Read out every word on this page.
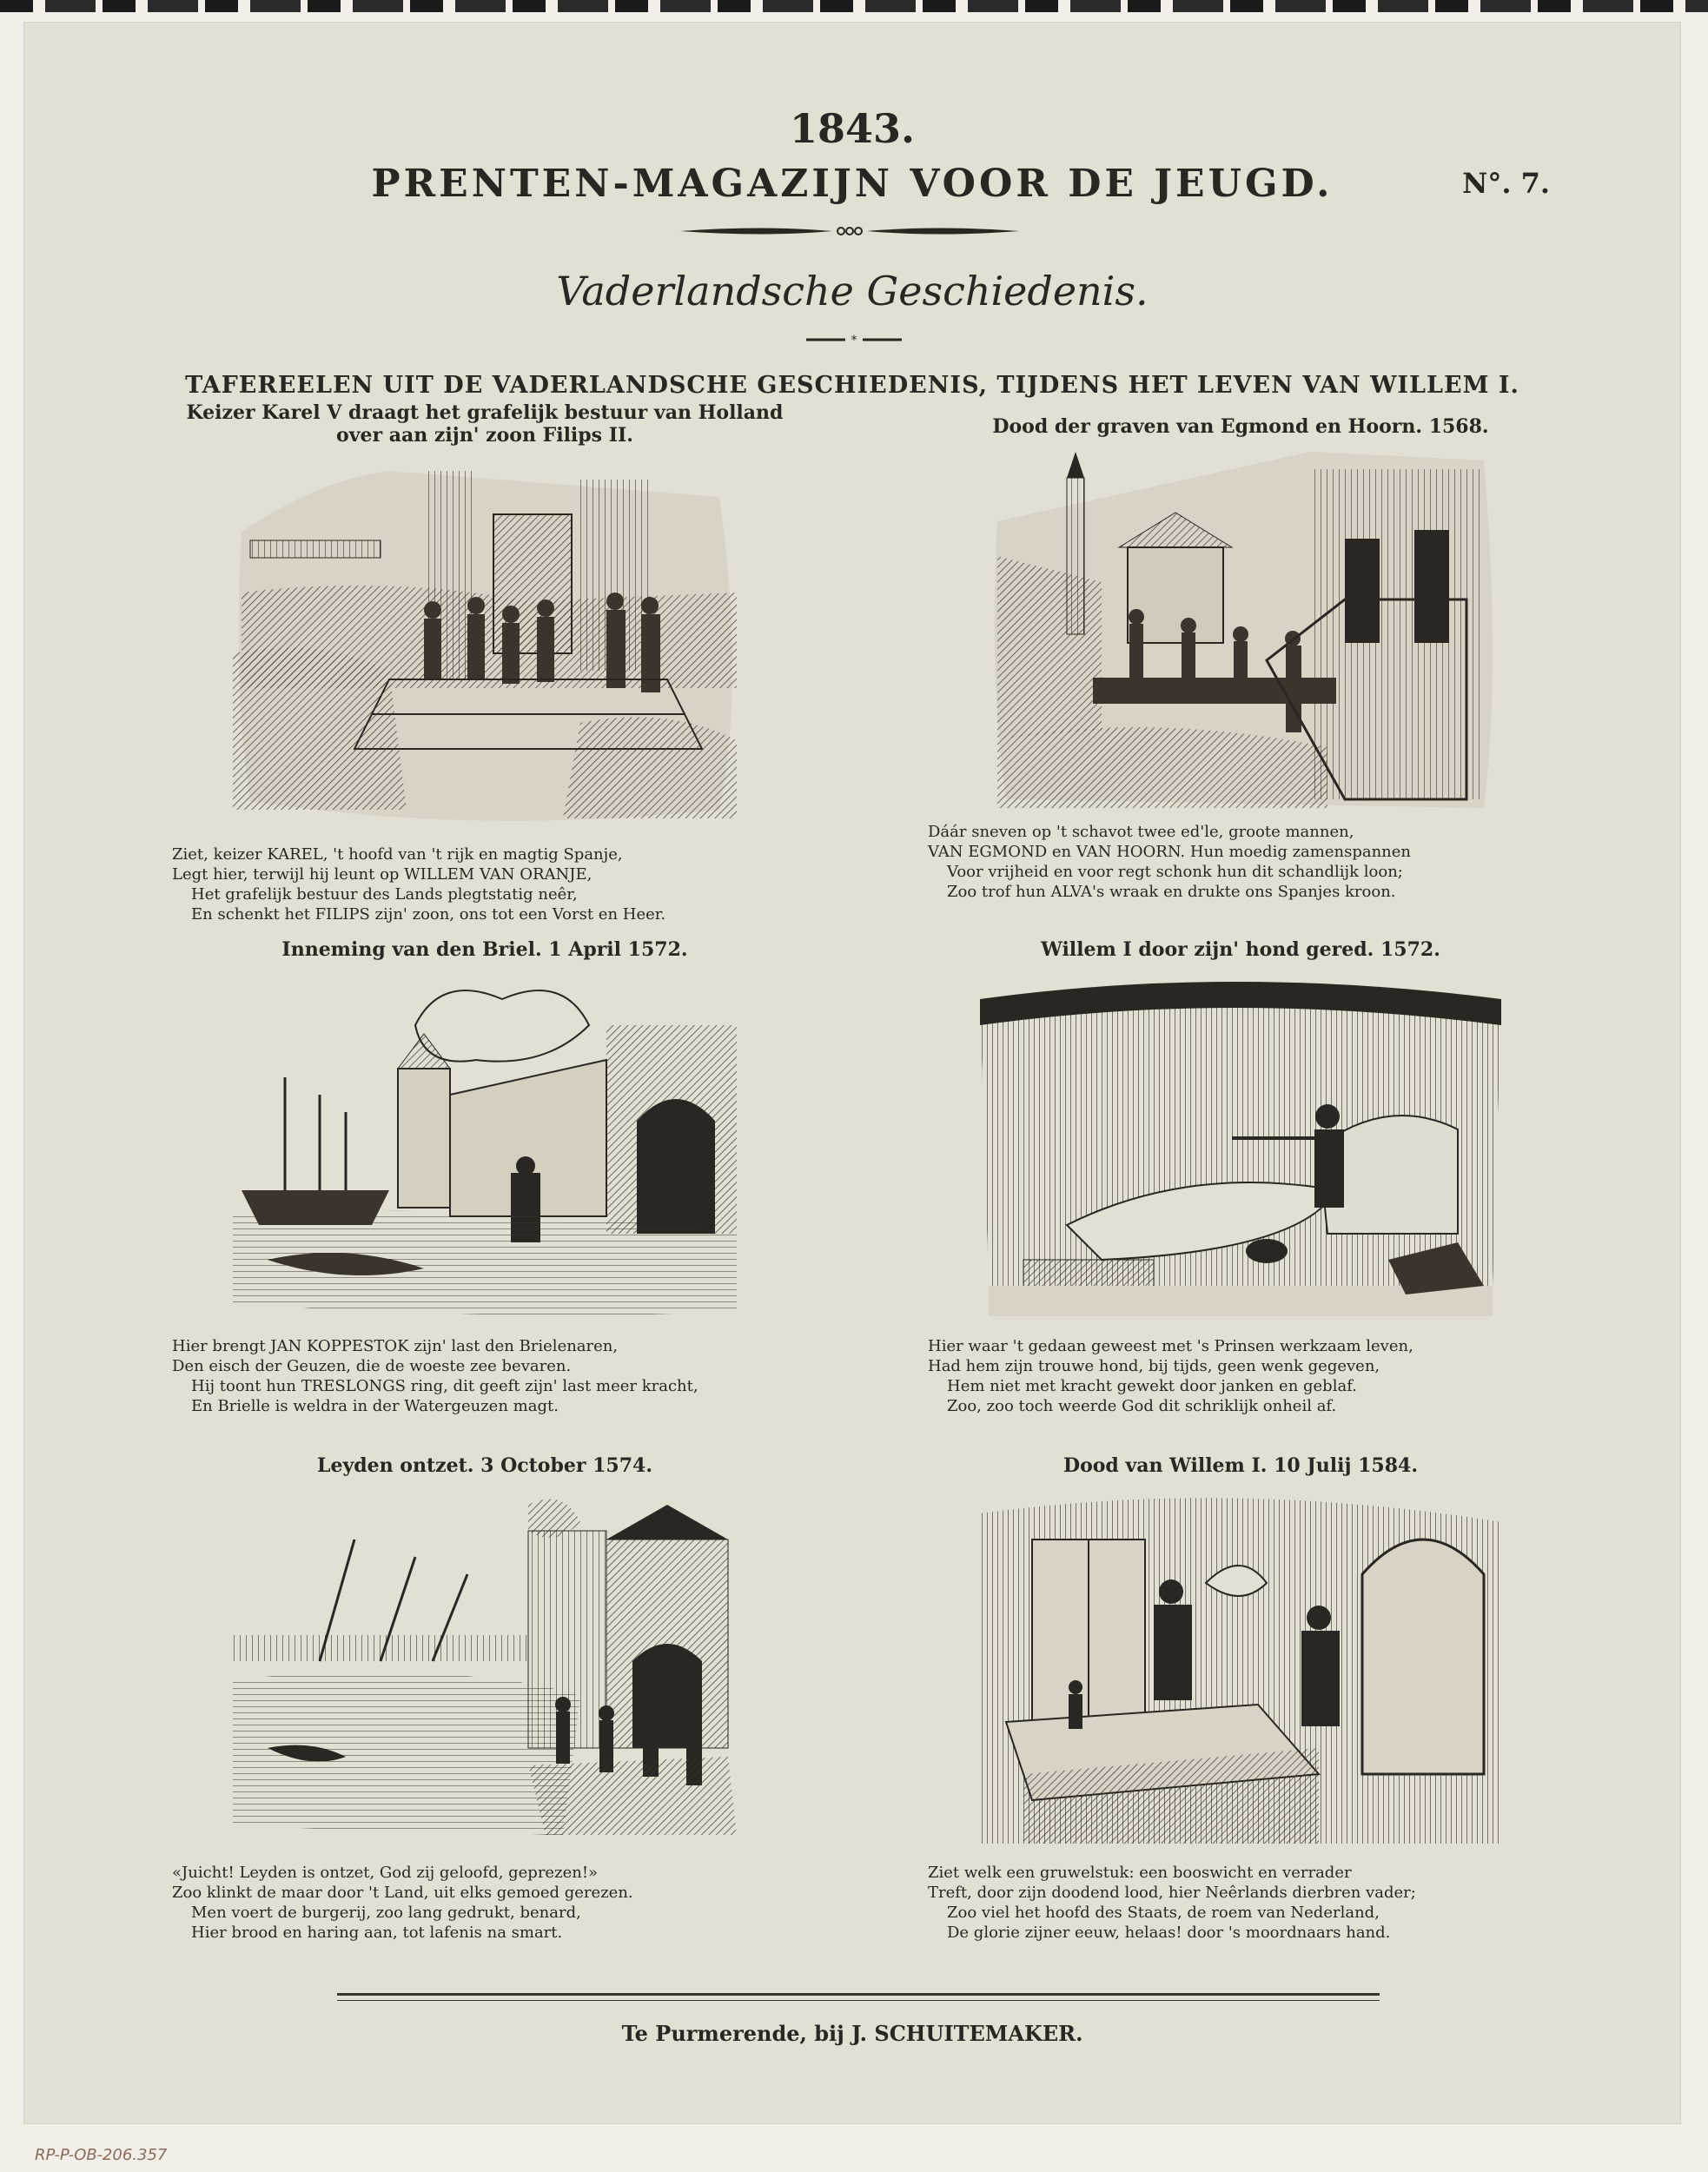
1843.
PRENTEN-MAGAZIJN VOOR DE JEUGD.	N°. 7.
Vaderlandsche Geschiedenis.
*
TAFEREELEN UIT DE VADERLANDSCHE GESCHIEDENIS, TIJDENS HET LEVEN VAN WILLEM I.
Keizer Karel V draagt het grafelijk bestuur van Holland
over aan zijn' zoon Filips II.
Ziet, keizer KAREL, 't hoofd van 't rijk en magtig Spanje,
Legt hier, terwijl hij leunt op WILLEM VAN ORANJE,
Het grafelijk bestuur des Lands plegtstatig neêr,
En schenkt het FILIPS zijn' zoon, ons tot een Vorst en Heer.
Dood der graven van Egmond en Hoorn. 1568.
Dáár sneven op 't schavot twee ed'le, groote mannen,
VAN EGMOND en VAN HOORN. Hun moedig zamenspannen
Voor vrijheid en voor regt schonk hun dit schandlijk loon;
Zoo trof hun ALVA's wraak en drukte ons Spanjes kroon.
Inneming van den Briel. 1 April 1572.
Hier brengt JAN KOPPESTOK zijn' last den Brielenaren,
Den eisch der Geuzen, die de woeste zee bevaren.
Hij toont hun TRESLONGS ring, dit geeft zijn' last meer kracht,
En Brielle is weldra in der Watergeuzen magt.
Willem I door zijn' hond gered. 1572.
Hier waar 't gedaan geweest met 's Prinsen werkzaam leven,
Had hem zijn trouwe hond, bij tijds, geen wenk gegeven,
Hem niet met kracht gewekt door janken en geblaf.
Zoo, zoo toch weerde God dit schriklijk onheil af.
Leyden ontzet. 3 October 1574.
«Juicht! Leyden is ontzet, God zij geloofd, geprezen!»
Zoo klinkt de maar door 't Land, uit elks gemoed gerezen.
Men voert de burgerij, zoo lang gedrukt, benard,
Hier brood en haring aan, tot lafenis na smart.
Dood van Willem I. 10 Julij 1584.
Ziet welk een gruwelstuk: een booswicht en verrader
Treft, door zijn doodend lood, hier Neêrlands dierbren vader;
Zoo viel het hoofd des Staats, de roem van Nederland,
De glorie zijner eeuw, helaas! door 's moordnaars hand.
Te Purmerende, bij J. SCHUITEMAKER.
RP-P-OB-206.357
